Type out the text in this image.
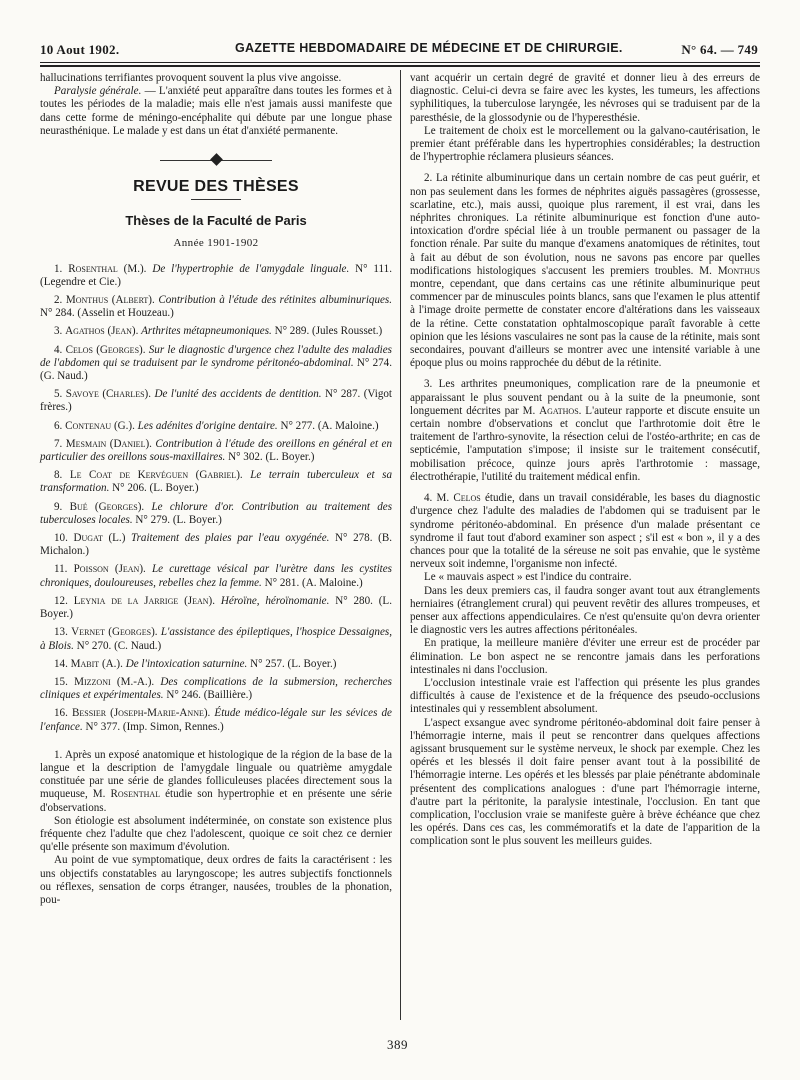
10 Aout 1902.	GAZETTE HEBDOMADAIRE DE MÉDECINE ET DE CHIRURGIE.	N° 64. — 749

hallucinations terrifiantes provoquent souvent la plus vive angoisse.

Paralysie générale. — L'anxiété peut apparaître dans toutes les formes et à toutes les périodes de la maladie; mais elle n'est jamais aussi manifeste que dans cette forme de méningo-encéphalite qui débute par une longue phase neurasthénique. Le malade y est dans un état d'anxiété permanente.

REVUE DES THÈSES
Thèses de la Faculté de Paris
Année 1901-1902

1. Rosenthal (M.). De l'hypertrophie de l'amygdale linguale. N° 111. (Legendre et Cie.)

2. Monthus (Albert). Contribution à l'étude des rétinites albuminuriques. N° 284. (Asselin et Houzeau.)

3. Agathos (Jean). Arthrites métapneumoniques. N° 289. (Jules Rousset.)

4. Celos (Georges). Sur le diagnostic d'urgence chez l'adulte des maladies de l'abdomen qui se traduisent par le syndrome péritonéo-abdominal. N° 274. (G. Naud.)

5. Savoye (Charles). De l'unité des accidents de dentition. N° 287. (Vigot frères.)

6. Contenau (G.). Les adénites d'origine dentaire. N° 277. (A. Maloine.)

7. Mesmain (Daniel). Contribution à l'étude des oreillons en général et en particulier des oreillons sous-maxillaires. N° 302. (L. Boyer.)

8. Le Coat de Kervéguen (Gabriel). Le terrain tuberculeux et sa transformation. N° 206. (L. Boyer.)

9. Bué (Georges). Le chlorure d'or. Contribution au traitement des tuberculoses locales. N° 279. (L. Boyer.)

10. Dugat (L.) Traitement des plaies par l'eau oxygénée. N° 278. (B. Michalon.)

11. Poisson (Jean). Le curettage vésical par l'urètre dans les cystites chroniques, douloureuses, rebelles chez la femme. N° 281. (A. Maloine.)

12. Leynia de la Jarrige (Jean). Héroïne, héroïnomanie. N° 280. (L. Boyer.)

13. Vernet (Georges). L'assistance des épileptiques, l'hospice Dessaignes, à Blois. N° 270. (C. Naud.)

14. Mabit (A.). De l'intoxication saturnine. N° 257. (L. Boyer.)

15. Mizzoni (M.-A.). Des complications de la submersion, recherches cliniques et expérimentales. N° 246. (Baillière.)

16. Bessier (Joseph-Marie-Anne). Étude médico-légale sur les sévices de l'enfance. N° 377. (Imp. Simon, Rennes.)

1. Après un exposé anatomique et histologique de la région de la base de la langue et la description de l'amygdale linguale ou quatrième amygdale constituée par une série de glandes folliculeuses placées directement sous la muqueuse, M. Rosenthal étudie son hypertrophie et en présente une série d'observations.

Son étiologie est absolument indéterminée, on constate son existence plus fréquente chez l'adulte que chez l'adolescent, quoique ce soit chez ce dernier qu'elle présente son maximum d'évolution.

Au point de vue symptomatique, deux ordres de faits la caractérisent : les uns objectifs constatables au laryngoscope; les autres subjectifs fonctionnels ou réflexes, sensation de corps étranger, nausées, troubles de la phonation, pou-

vant acquérir un certain degré de gravité et donner lieu à des erreurs de diagnostic. Celui-ci devra se faire avec les kystes, les tumeurs, les affections syphilitiques, la tuberculose laryngée, les névroses qui se traduisent par de la paresthésie, de la glossodynie ou de l'hyperesthésie.

Le traitement de choix est le morcellement ou la galvano-cautérisation, le premier étant préférable dans les hypertrophies considérables; la destruction de l'hypertrophie réclamera plusieurs séances.

2. La rétinite albuminurique dans un certain nombre de cas peut guérir, et non pas seulement dans les formes de néphrites aiguës passagères (grossesse, scarlatine, etc.), mais aussi, quoique plus rarement, il est vrai, dans les néphrites chroniques. La rétinite albuminurique est fonction d'une auto-intoxication d'ordre spécial liée à un trouble permanent ou passager de la fonction rénale. Par suite du manque d'examens anatomiques de rétinites, tout à fait au début de son évolution, nous ne savons pas encore par quelles modifications histologiques s'accusent les premiers troubles. M. Monthus montre, cependant, que dans certains cas une rétinite albuminurique peut commencer par de minuscules points blancs, sans que l'examen le plus attentif à l'image droite permette de constater encore d'altérations dans les vaisseaux de la rétine. Cette constatation ophtalmoscopique paraît favorable à cette opinion que les lésions vasculaires ne sont pas la cause de la rétinite, mais sont secondaires, pouvant d'ailleurs se montrer avec une intensité variable à une époque plus ou moins rapprochée du début de la rétinite.

3. Les arthrites pneumoniques, complication rare de la pneumonie et apparaissant le plus souvent pendant ou à la suite de la pneumonie, sont longuement décrites par M. Agathos. L'auteur rapporte et discute ensuite un certain nombre d'observations et conclut que l'arthrotomie doit être le traitement de l'arthro-synovite, la résection celui de l'ostéo-arthrite; en cas de septicémie, l'amputation s'impose; il insiste sur le traitement consécutif, mobilisation précoce, quinze jours après l'arthrotomie : massage, électrothérapie, l'utilité du traitement médical enfin.

4. M. Celos étudie, dans un travail considérable, les bases du diagnostic d'urgence chez l'adulte des maladies de l'abdomen qui se traduisent par le syndrome péritonéo-abdominal. En présence d'un malade présentant ce syndrome il faut tout d'abord examiner son aspect ; s'il est « bon », il y a des chances pour que la totalité de la séreuse ne soit pas envahie, que le système nerveux soit indemne, l'organisme non infecté.

Le « mauvais aspect » est l'indice du contraire.

Dans les deux premiers cas, il faudra songer avant tout aux étranglements herniaires (étranglement crural) qui peuvent revêtir des allures trompeuses, et penser aux affections appendiculaires. Ce n'est qu'ensuite qu'on devra orienter le diagnostic vers les autres affections péritonéales.

En pratique, la meilleure manière d'éviter une erreur est de procéder par élimination. Le bon aspect ne se rencontre jamais dans les perforations intestinales ni dans l'occlusion.

L'occlusion intestinale vraie est l'affection qui présente les plus grandes difficultés à cause de l'existence et de la fréquence des pseudo-occlusions intestinales qui y ressemblent absolument.

L'aspect exsangue avec syndrome péritonéo-abdominal doit faire penser à l'hémorragie interne, mais il peut se rencontrer dans quelques affections agissant brusquement sur le système nerveux, le shock par exemple. Chez les opérés et les blessés il doit faire penser avant tout à la possibilité de l'hémorragie interne. Les opérés et les blessés par plaie pénétrante abdominale présentent des complications analogues : d'une part l'hémorragie interne, d'autre part la péritonite, la paralysie intestinale, l'occlusion. En tant que complication, l'occlusion vraie se manifeste guère à brève échéance que chez les opérés. Dans ces cas, les commémoratifs et la date de l'apparition de la complication sont le plus souvent les meilleurs guides.

389
